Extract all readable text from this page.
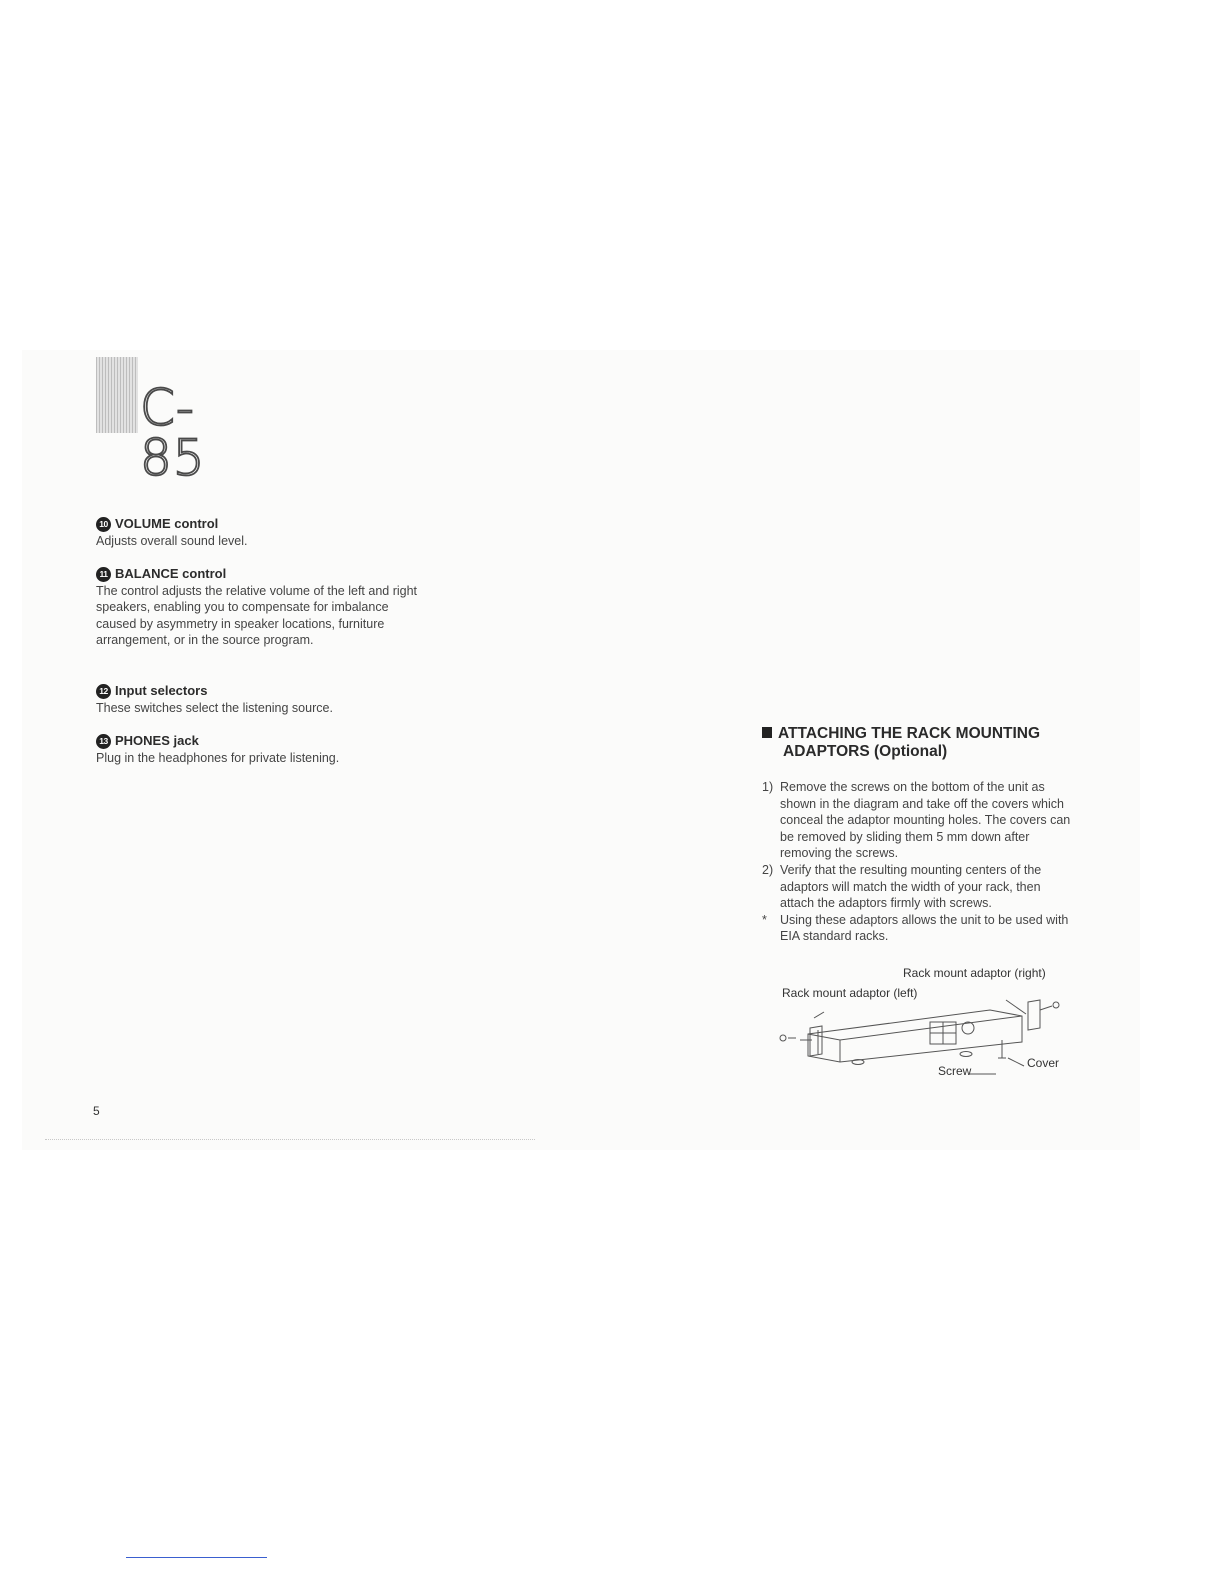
C-85
10 VOLUME control
Adjusts overall sound level.
11 BALANCE control
The control adjusts the relative volume of the left and right speakers, enabling you to compensate for imbalance caused by asymmetry in speaker locations, furniture arrangement, or in the source program.
12 Input selectors
These switches select the listening source.
13 PHONES jack
Plug in the headphones for private listening.
5
ATTACHING THE RACK MOUNTING
ADAPTORS (Optional)
1) Remove the screws on the bottom of the unit as shown in the diagram and take off the covers which conceal the adaptor mounting holes. The covers can be removed by sliding them 5 mm down after removing the screws.
2) Verify that the resulting mounting centers of the adaptors will match the width of your rack, then attach the adaptors firmly with screws.
*	Using these adaptors allows the unit to be used with EIA standard racks.
Rack mount adaptor (right)
Rack mount adaptor (left)
Screw
Cover
